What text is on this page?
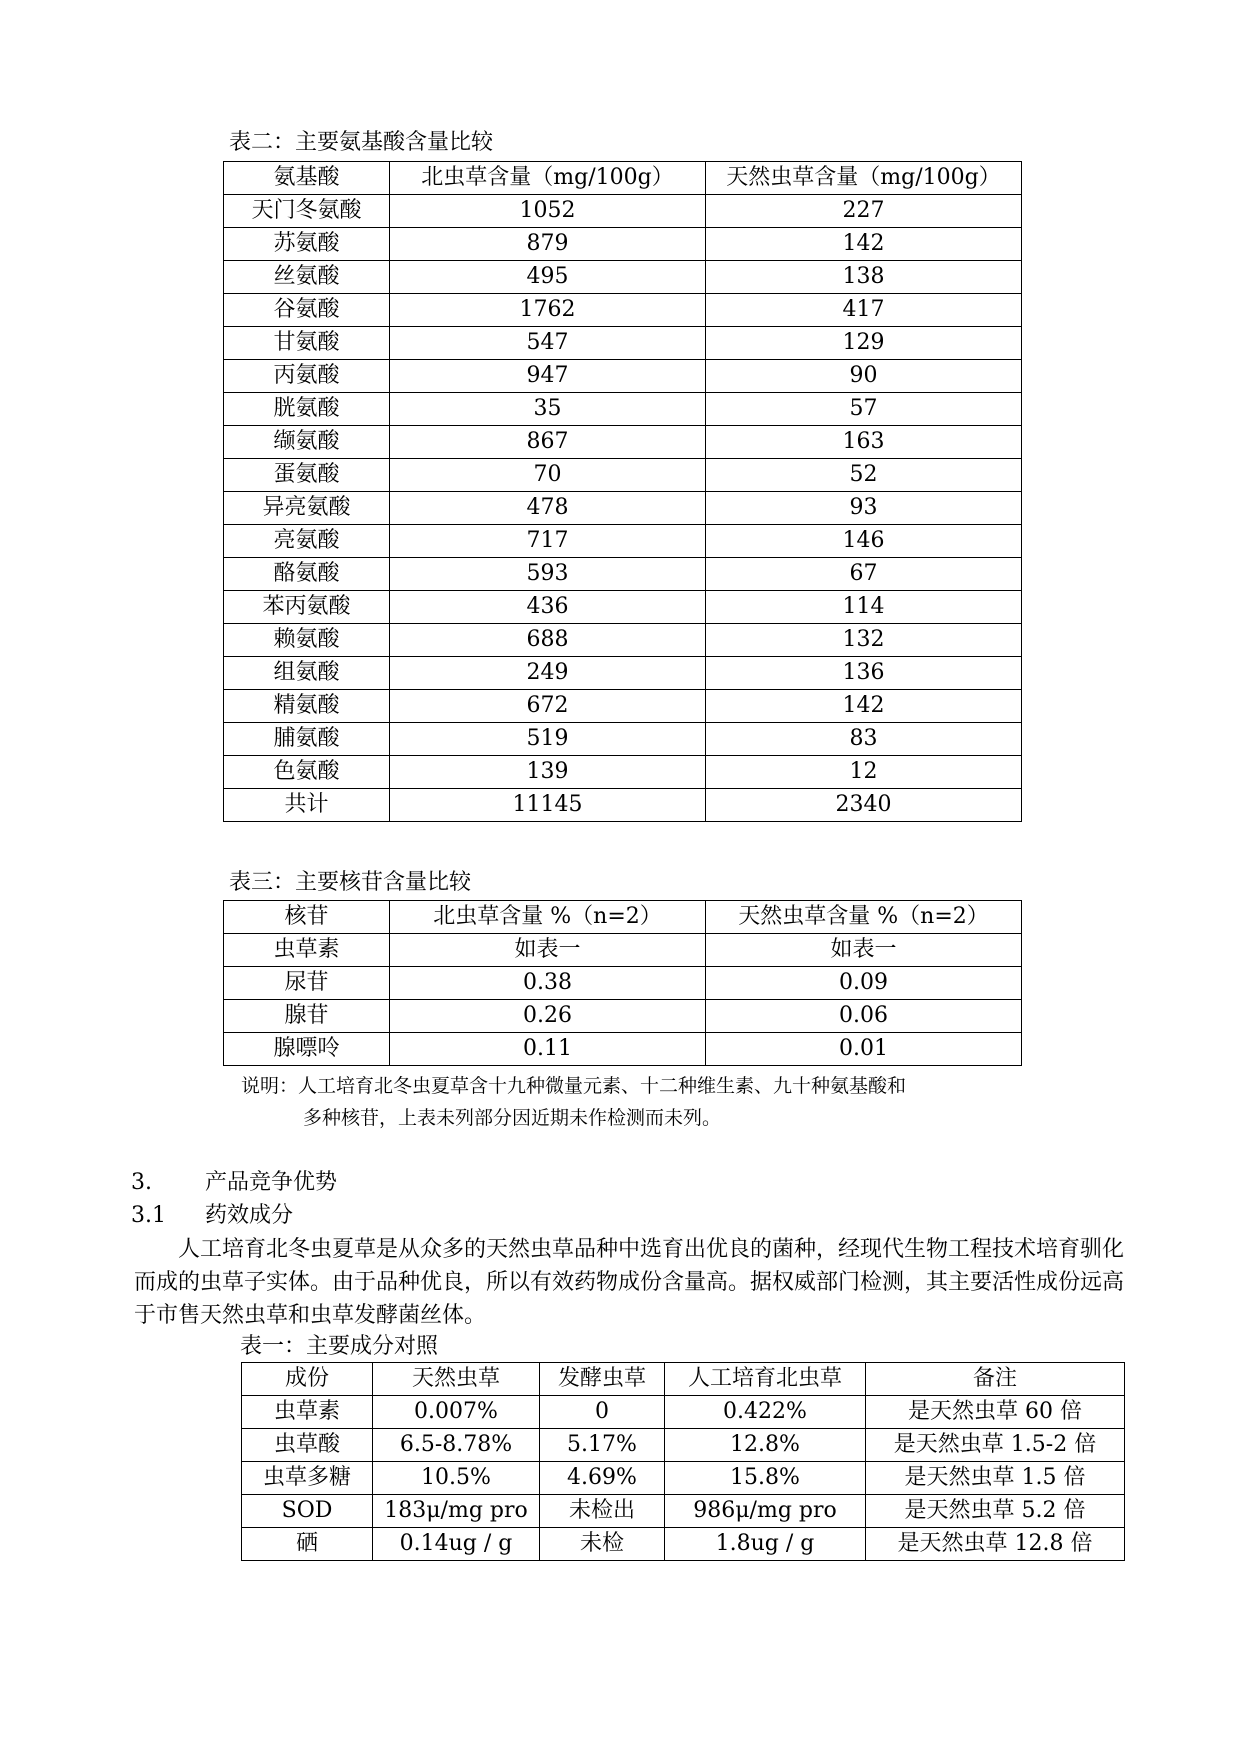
表二：主要氨基酸含量比较
氨基酸	北虫草含量（mg/100g）	天然虫草含量（mg/100g）
天门冬氨酸	1052	227
苏氨酸	879	142
丝氨酸	495	138
谷氨酸	1762	417
甘氨酸	547	129
丙氨酸	947	90
胱氨酸	35	57
缬氨酸	867	163
蛋氨酸	70	52
异亮氨酸	478	93
亮氨酸	717	146
酪氨酸	593	67
苯丙氨酸	436	114
赖氨酸	688	132
组氨酸	249	136
精氨酸	672	142
脯氨酸	519	83
色氨酸	139	12
共计	11145	2340
表三：主要核苷含量比较
核苷	北虫草含量 %（n=2）	天然虫草含量 %（n=2）
虫草素	如表一	如表一
尿苷	0.38	0.09
腺苷	0.26	0.06
腺嘌呤	0.11	0.01
说明：人工培育北冬虫夏草含十九种微量元素、十二种维生素、九十种氨基酸和
多种核苷，上表未列部分因近期未作检测而未列。
3. 产品竞争优势
3.1 药效成分

人工培育北冬虫夏草是从众多的天然虫草品种中选育出优良的菌种，经现代生物工程技术培育驯化而成的虫草子实体。由于品种优良，所以有效药物成份含量高。据权威部门检测，其主要活性成份远高于市售天然虫草和虫草发酵菌丝体。

表一：主要成分对照
成份	天然虫草	发酵虫草	人工培育北虫草	备注
虫草素	0.007%	0	0.422%	是天然虫草 60 倍
虫草酸	6.5-8.78%	5.17%	12.8%	是天然虫草 1.5-2 倍
虫草多糖	10.5%	4.69%	15.8%	是天然虫草 1.5 倍
SOD	183μ/mg pro	未检出	986μ/mg pro	是天然虫草 5.2 倍
硒	0.14ug / g	未检	1.8ug / g	是天然虫草 12.8 倍
